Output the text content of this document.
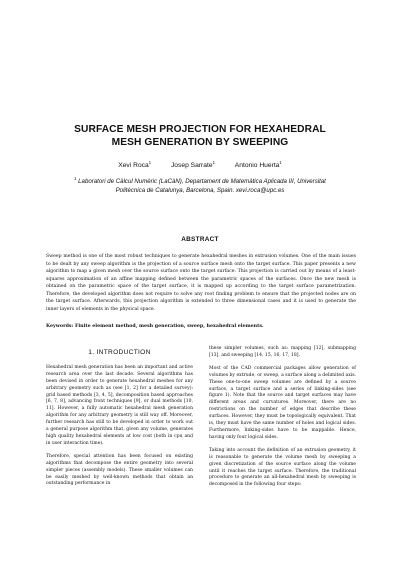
SURFACE MESH PROJECTION FOR HEXAHEDRAL
MESH GENERATION BY SWEEPING
Xevi Roca$^1$	Josep Sarrate$^1$	Antonio Huerta$^1$
$^1$ Laboratori de Càlcul Numèric (LaCàN), Departament de Matemàtica Aplicada III, Universitat
Politècnica de Catalunya, Barcelona, Spain. xevi.roca@upc.es
ABSTRACT
Sweep method is one of the most robust techniques to generate hexahedral meshes in extrusion volumes. One of the main issues to be dealt by any sweep algorithm is the projection of a source surface mesh onto the target surface. This paper presents a new algorithm to map a given mesh over the source surface onto the target surface. This projection is carried out by means of a least-squares approximation of an affine mapping defined between the parametric spaces of the surfaces. Once the new mesh is obtained on the parametric space of the target surface, it is mapped up according to the target surface parametrization. Therefore, the developed algorithm does not require to solve any root finding problem to ensure that the projected nodes are on the target surface. Afterwards, this projection algorithm is extended to three dimensional cases and it is used to generate the inner layers of elements in the physical space.
Keywords: Finite element method, mesh generation, sweep, hexahedral elements.
1. INTRODUCTION

Hexahedral mesh generation has been an important and active research area over the last decade. Several algorithms has been devised in order to generate hexahedral meshes for any arbitrary geometry such as (see [1, 2] for a detailed survey): grid based methods [3, 4, 5], decomposition based approaches [6, 7, 8], advancing front techniques [9], or dual methods [10, 11]. However, a fully automatic hexahedral mesh generation algorithm for any arbitrary geometry is still way off. Moreover, further research has still to be developed in order to work out a general purpose algorithm that, given any volume, generates high quality hexahedral elements at low cost (both in cpu and in user interaction time).

Therefore, special attention has been focused on existing algorithms that decompose the entire geometry into several simpler pieces (assembly models). These smaller volumes can be easily meshed by well-known methods that obtain an outstanding performance in

these simpler volumes, such as: mapping [12], submapping [13], and sweeping [14, 15, 16, 17, 18].

Most of the CAD commercial packages allow generation of volumes by extrude, or sweep, a surface along a delimited axis. These one-to-one sweep volumes are defined by a source surface, a target surface and a series of linking-sides (see figure 1). Note that the source and target surfaces may have different areas and curvatures. Moreover, there are no restrictions on the number of edges that describe these surfaces. However, they must be topologically equivalent. That is, they must have the same number of holes and logical sides. Furthermore, linking-sides have to be mappable. Hence, having only four logical sides.

Taking into account the definition of an extrusion geometry, it is reasonable to generate the volume mesh by sweeping a given discretization of the source surface along the volume until it reaches the target surface. Therefore, the traditional procedure to generate an all-hexahedral mesh by sweeping is decomposed in the following four steps:
